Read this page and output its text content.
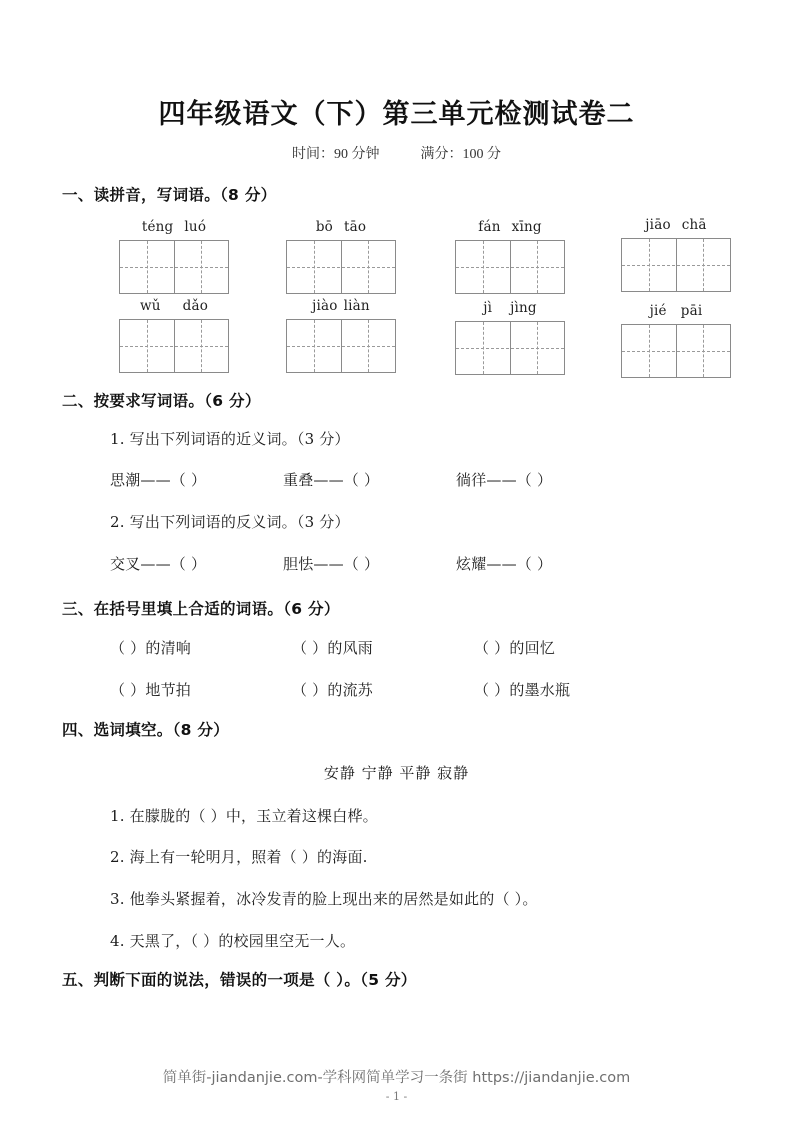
四年级语文（下）第三单元检测试卷二
时间：90 分钟	满分：100 分
一、读拼音，写词语。（8 分）
téng luó	bō tāo	fán xīng	jiāo chā
wǔ dǎo	jiào liàn	jì jìng	jié pāi
二、按要求写词语。（6 分）
1. 写出下列词语的近义词。（3 分）
思潮——（ ）	重叠——（ ）	徜徉——（ ）
2. 写出下列词语的反义词。（3 分）
交叉——（ ）	胆怯——（ ）	炫耀——（ ）
三、在括号里填上合适的词语。（6 分）
（ ）的清响	（ ）的风雨	（ ）的回忆
（ ）地节拍	（ ）的流苏	（ ）的墨水瓶
四、选词填空。（8 分）
安静 宁静 平静 寂静
1. 在朦胧的（ ）中，玉立着这棵白桦。
2. 海上有一轮明月，照着（ ）的海面.
3. 他拳头紧握着，冰冷发青的脸上现出来的居然是如此的（ ）。
4. 天黑了，（ ）的校园里空无一人。
五、判断下面的说法，错误的一项是（ ）。（5 分）
简单街-jiandanjie.com-学科网简单学习一条街 https://jiandanjie.com
- 1 -
